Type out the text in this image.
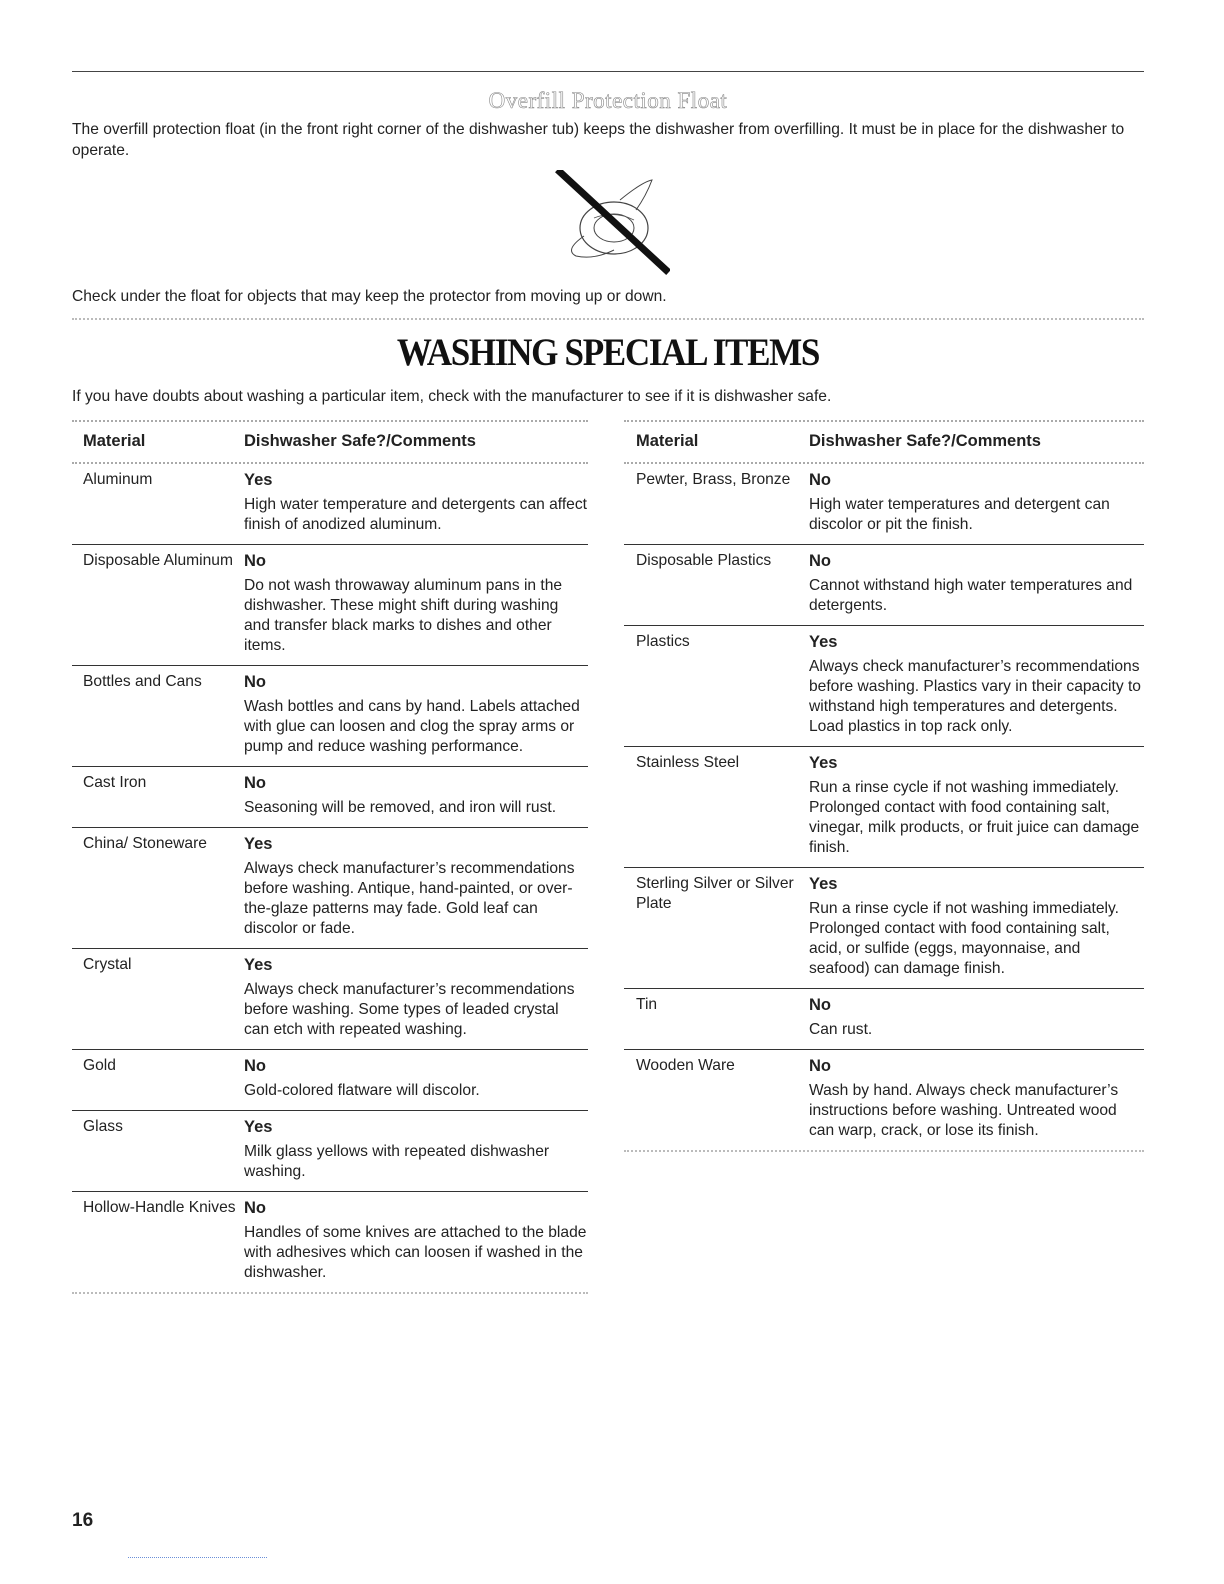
Overfill Protection Float
The overfill protection float (in the front right corner of the dishwasher tub) keeps the dishwasher from overfilling. It must be in place for the dishwasher to operate.
Check under the float for objects that may keep the protector from moving up or down.
WASHING SPECIAL ITEMS
If you have doubts about washing a particular item, check with the manufacturer to see if it is dishwasher safe.
Material	Dishwasher Safe?/Comments
Aluminum	Yes
High water temperature and detergents can affect finish of anodized aluminum.
Disposable Aluminum No
Do not wash throwaway aluminum pans in the dishwasher. These might shift during washing and transfer black marks to dishes and other items.
Bottles and Cans	No
Wash bottles and cans by hand. Labels attached with glue can loosen and clog the spray arms or pump and reduce washing performance.
Cast Iron	No
Seasoning will be removed, and iron will rust.
China/ Stoneware	Yes
Always check manufacturer’s recommendations before washing. Antique, hand-painted, or over-the-glaze patterns may fade. Gold leaf can discolor or fade.
Crystal	Yes
Always check manufacturer’s recommendations before washing. Some types of leaded crystal can etch with repeated washing.
Gold	No
Gold-colored flatware will discolor.
Glass	Yes
Milk glass yellows with repeated dishwasher washing.
Hollow-Handle Knives No
Handles of some knives are attached to the blade with adhesives which can loosen if washed in the dishwasher.
Material	Dishwasher Safe?/Comments
Pewter, Brass, Bronze	No
High water temperatures and detergent can discolor or pit the finish.
Disposable Plastics	No
Cannot withstand high water temperatures and detergents.
Plastics	Yes
Always check manufacturer’s recommendations before washing. Plastics vary in their capacity to withstand high temperatures and detergents. Load plastics in top rack only.
Stainless Steel	Yes
Run a rinse cycle if not washing immediately. Prolonged contact with food containing salt, vinegar, milk products, or fruit juice can damage finish.
Sterling Silver or Silver Plate
Yes
Run a rinse cycle if not washing immediately. Prolonged contact with food containing salt, acid, or sulfide (eggs, mayonnaise, and seafood) can damage finish.
Tin	No
Can rust.
Wooden Ware	No
Wash by hand. Always check manufacturer’s instructions before washing. Untreated wood can warp, crack, or lose its finish.
16
